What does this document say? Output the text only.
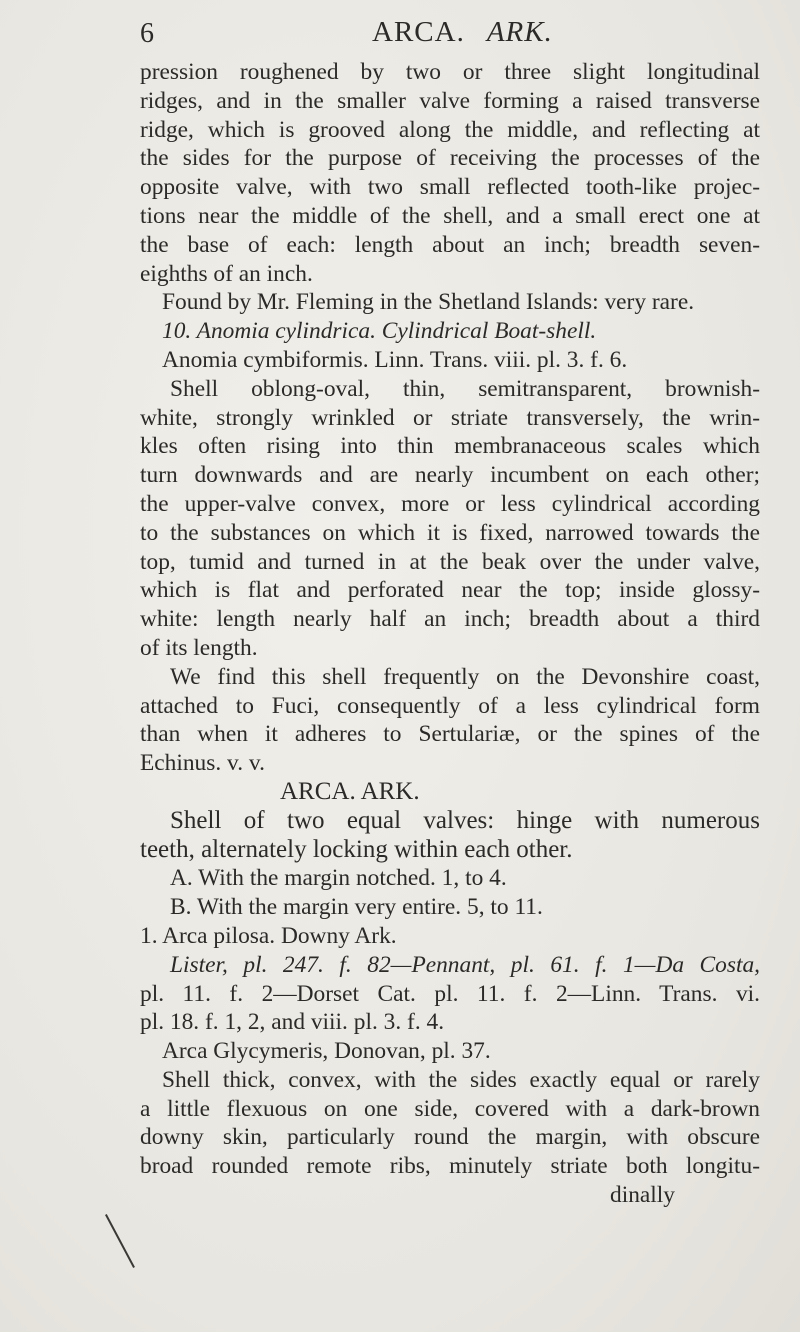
6	ARCA. ARK.
pression roughened by two or three slight longitudinal
ridges, and in the smaller valve forming a raised transverse
ridge, which is grooved along the middle, and reflecting at
the sides for the purpose of receiving the processes of the
opposite valve, with two small reflected tooth-like projec-
tions near the middle of the shell, and a small erect one at
the base of each: length about an inch; breadth seven-
eighths of an inch.
Found by Mr. Fleming in the Shetland Islands: very rare.
10. Anomia cylindrica. Cylindrical Boat-shell.
Anomia cymbiformis. Linn. Trans. viii. pl. 3. f. 6.
Shell oblong-oval, thin, semitransparent, brownish-
white, strongly wrinkled or striate transversely, the wrin-
kles often rising into thin membranaceous scales which
turn downwards and are nearly incumbent on each other;
the upper-valve convex, more or less cylindrical according
to the substances on which it is fixed, narrowed towards the
top, tumid and turned in at the beak over the under valve,
which is flat and perforated near the top; inside glossy-
white: length nearly half an inch; breadth about a third
of its length.
We find this shell frequently on the Devonshire coast,
attached to Fuci, consequently of a less cylindrical form
than when it adheres to Sertulariæ, or the spines of the
Echinus. v. v.
ARCA. ARK.
Shell of two equal valves: hinge with numerous
teeth, alternately locking within each other.
A. With the margin notched. 1, to 4.
B. With the margin very entire. 5, to 11.
1. Arca pilosa. Downy Ark.
Lister, pl. 247. f. 82—Pennant, pl. 61. f. 1—Da Costa,
pl. 11. f. 2—Dorset Cat. pl. 11. f. 2—Linn. Trans. vi.
pl. 18. f. 1, 2, and viii. pl. 3. f. 4.
Arca Glycymeris, Donovan, pl. 37.
Shell thick, convex, with the sides exactly equal or rarely
a little flexuous on one side, covered with a dark-brown
downy skin, particularly round the margin, with obscure
broad rounded remote ribs, minutely striate both longitu-
dinally
